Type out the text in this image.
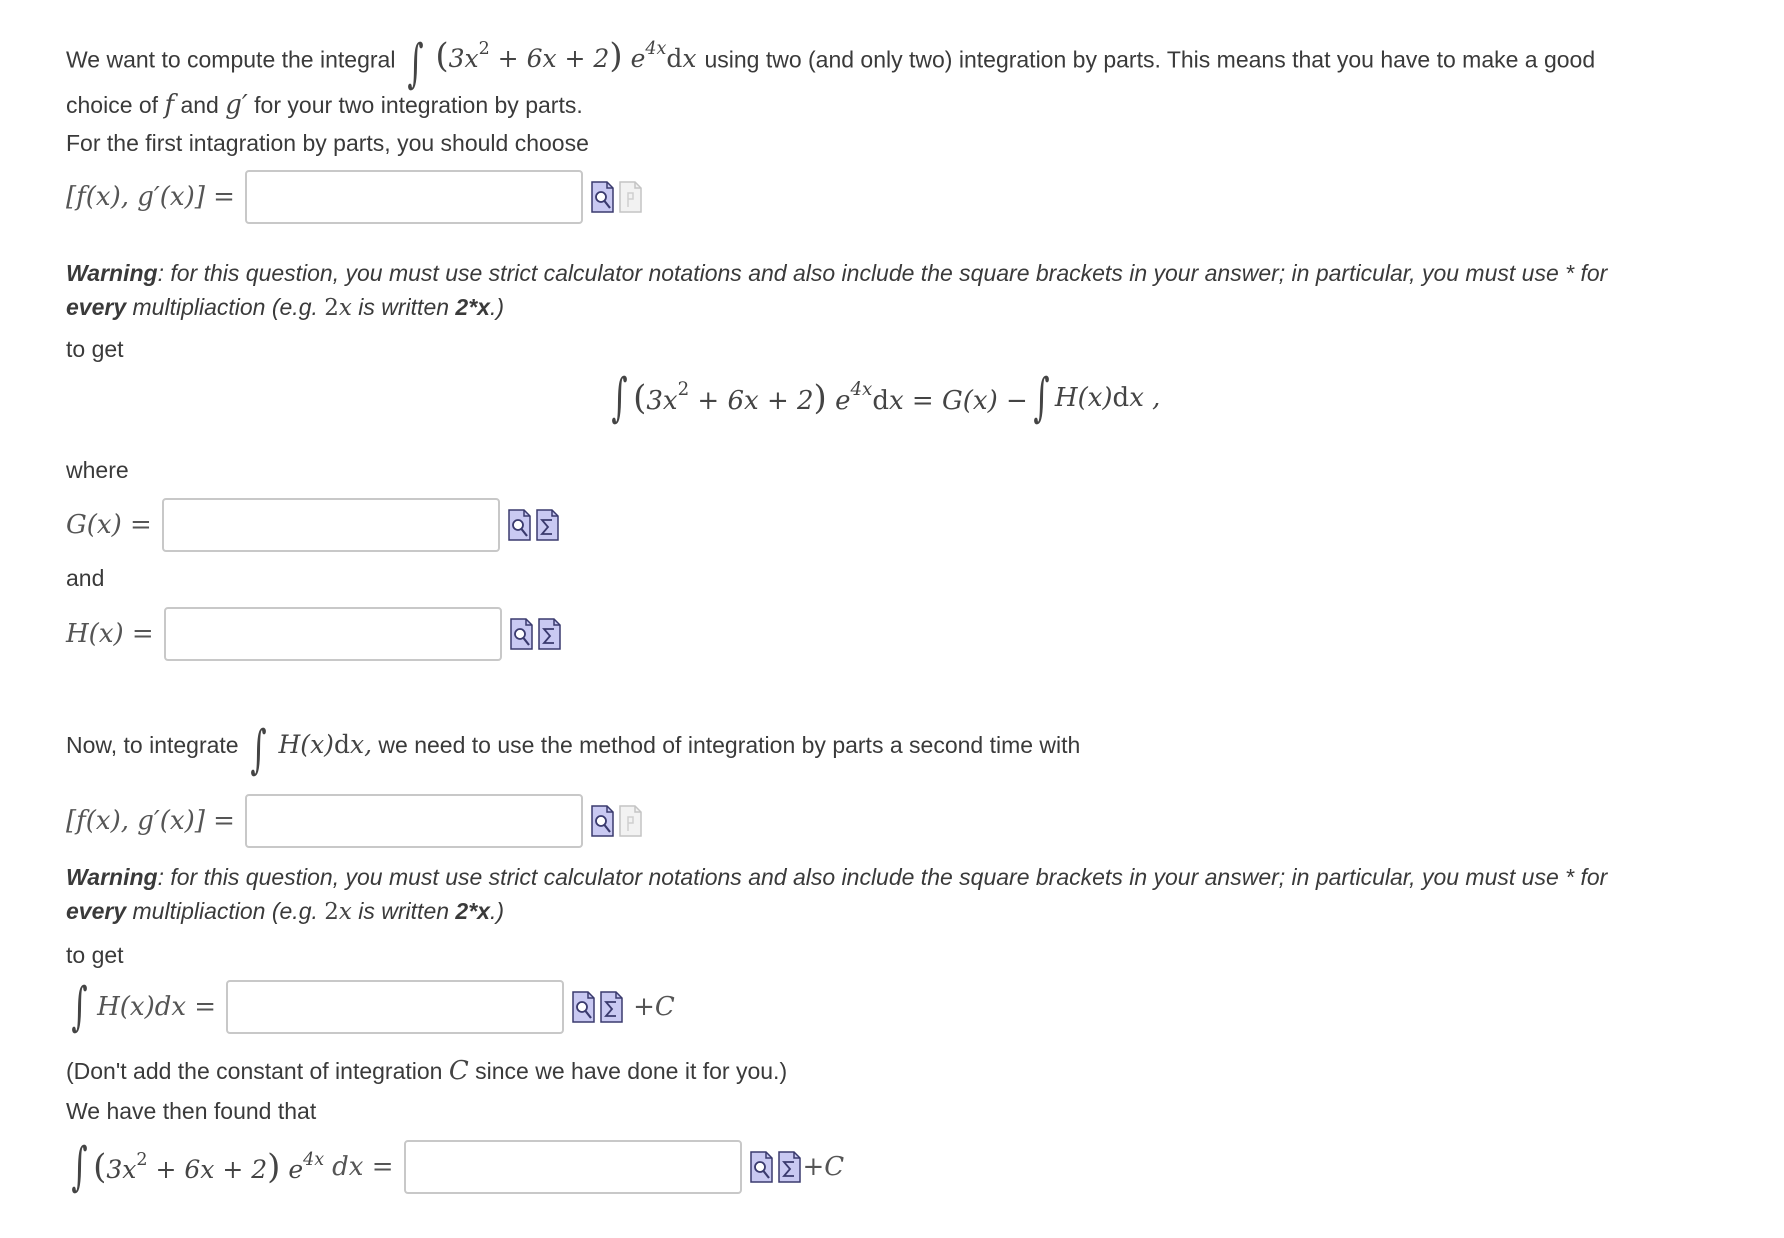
We want to compute the integral ∫ $(3x^2 + 6x + 2)$ $e^{4x}dx$ using two (and only two) integration by parts. This means that you have to make a good
choice of f and g′ for your two integration by parts.
For the first intagration by parts, you should choose
[f(x), g′(x)] =
Warning: for this question, you must use strict calculator notations and also include the square brackets in your answer; in particular, you must use * for
every multipliaction (e.g. 2x is written 2*x.)
to get
∫ $(3x^2 + 6x + 2) e^{4x}dx = G(x)$ − ∫ H(x)dx ,
where
G(x) =
and
H(x) =
Now, to integrate ∫ H(x)dx, we need to use the method of integration by parts a second time with
[f(x), g′(x)] =
Warning: for this question, you must use strict calculator notations and also include the square brackets in your answer; in particular, you must use * for
every multipliaction (e.g. 2x is written 2*x.)
to get
∫ H(x)dx =	+C
(Don't add the constant of integration C since we have done it for you.)
We have then found that
∫ $(3x^2 + 6x + 2)$ $e^{4x}$ dx =	+C
